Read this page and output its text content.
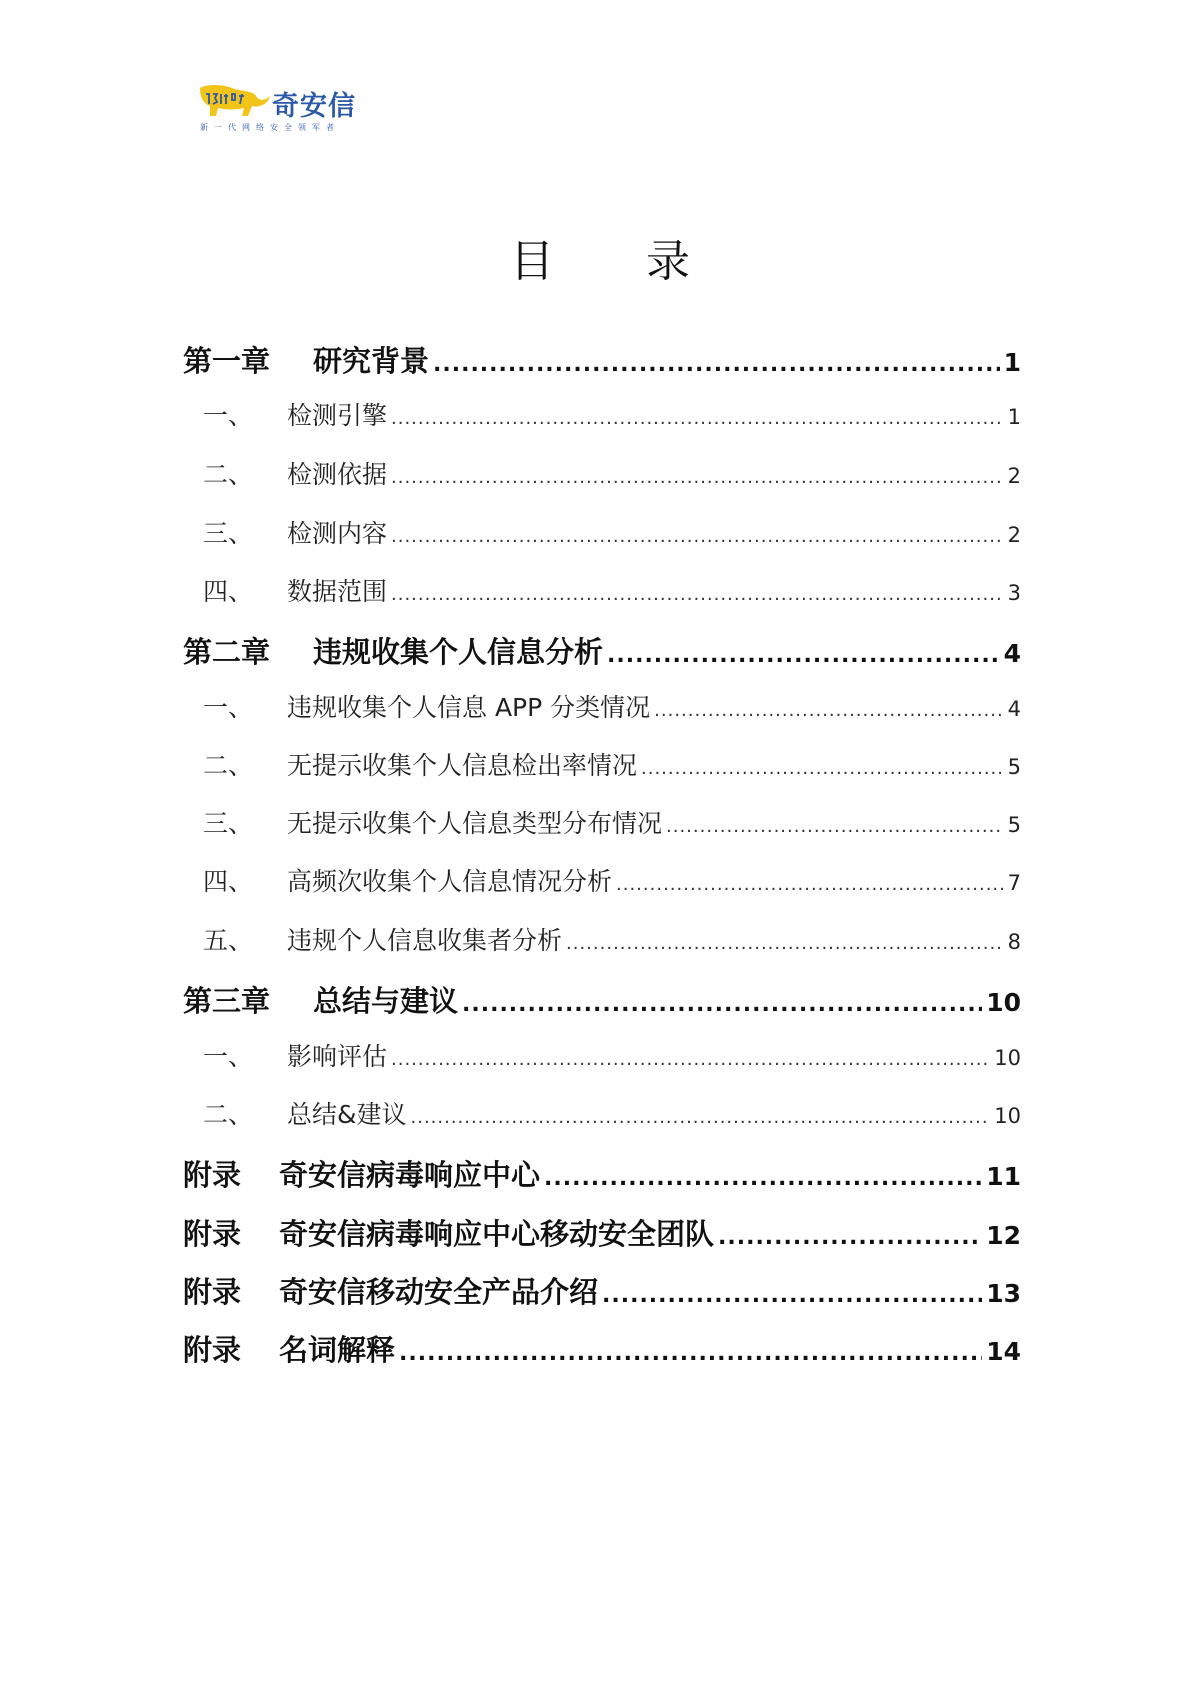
奇安信
新一代网络安全领军者
目 录
第一章	研究背景 .....	1
一、	检测引擎 .....	1
二、	检测依据 .....	2
三、	检测内容 .....	2
四、	数据范围 .....	3
第二章	违规收集个人信息分析 .....	4
一、	违规收集个人信息 APP 分类情况 .....	4
二、	无提示收集个人信息检出率情况 .....	5
三、	无提示收集个人信息类型分布情况 .....	5
四、	高频次收集个人信息情况分析 .....	7
五、	违规个人信息收集者分析 .....	8
第三章	总结与建议 .....	10
一、	影响评估 .....	10
二、	总结&建议 .....	10
附录	奇安信病毒响应中心 .....	11
附录	奇安信病毒响应中心移动安全团队 .....	12
附录	奇安信移动安全产品介绍 .....	13
附录	名词解释 .....	14
